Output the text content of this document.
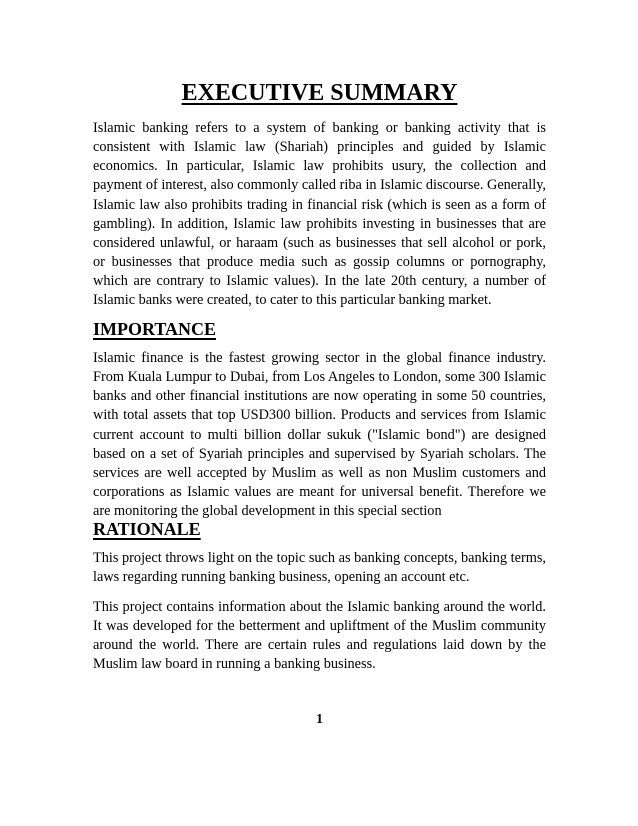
EXECUTIVE SUMMARY

Islamic banking refers to a system of banking or banking activity that is consistent with Islamic law (Shariah) principles and guided by Islamic economics. In particular, Islamic law prohibits usury, the collection and payment of interest, also commonly called riba in Islamic discourse. Generally, Islamic law also prohibits trading in financial risk (which is seen as a form of gambling). In addition, Islamic law prohibits investing in businesses that are considered unlawful, or haraam (such as businesses that sell alcohol or pork, or businesses that produce media such as gossip columns or pornography, which are contrary to Islamic values). In the late 20th century, a number of Islamic banks were created, to cater to this particular banking market.

IMPORTANCE

Islamic finance is the fastest growing sector in the global finance industry. From Kuala Lumpur to Dubai, from Los Angeles to London, some 300 Islamic banks and other financial institutions are now operating in some 50 countries, with total assets that top USD300 billion. Products and services from Islamic current account to multi billion dollar sukuk ("Islamic bond") are designed based on a set of Syariah principles and supervised by Syariah scholars. The services are well accepted by Muslim as well as non Muslim customers and corporations as Islamic values are meant for universal benefit. Therefore we are monitoring the global development in this special section

RATIONALE

This project throws light on the topic such as banking concepts, banking terms, laws regarding running banking business, opening an account etc.

This project contains information about the Islamic banking around the world. It was developed for the betterment and upliftment of the Muslim community around the world. There are certain rules and regulations laid down by the Muslim law board in running a banking business.

1
